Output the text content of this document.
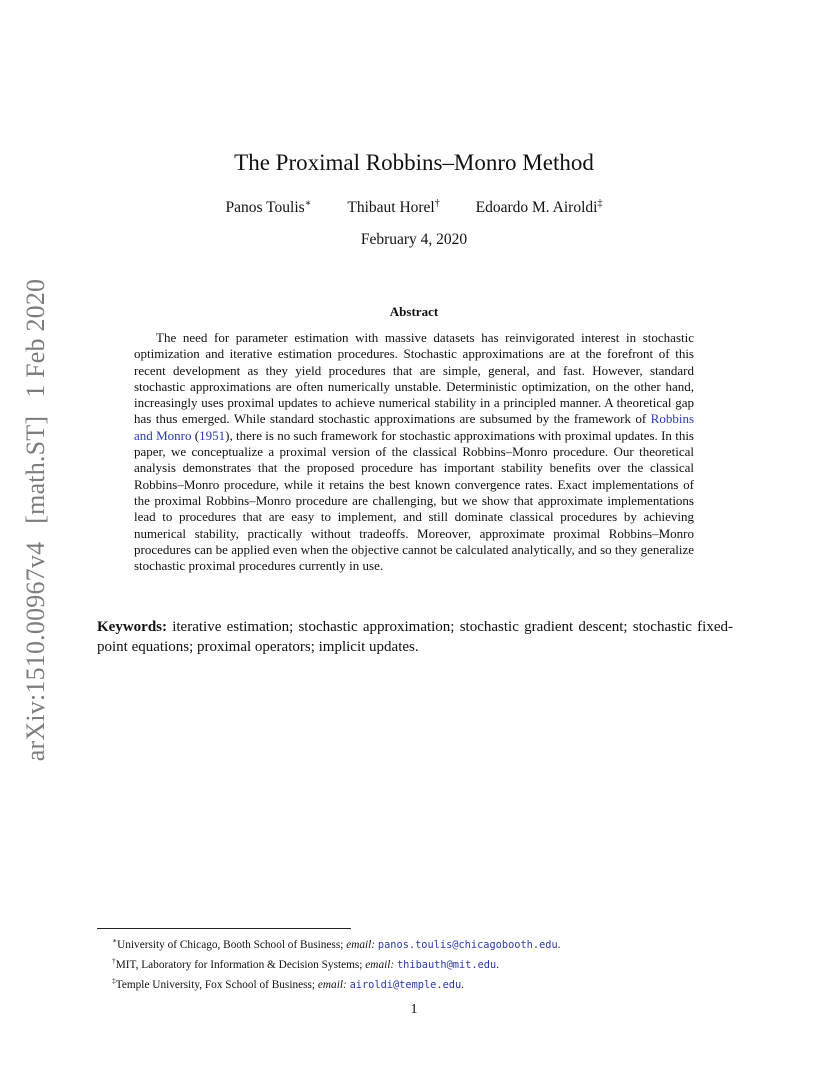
arXiv:1510.00967v4[math.ST]1 Feb 2020
The Proximal Robbins–Monro Method
Panos Toulis∗ Thibaut Horel† Edoardo M. Airoldi‡
February 4, 2020
Abstract

The need for parameter estimation with massive datasets has reinvigorated interest in stochastic optimization and iterative estimation procedures. Stochastic approximations are at the forefront of this recent development as they yield procedures that are simple, general, and fast. However, standard stochastic approximations are often numerically unstable. Deterministic optimization, on the other hand, increasingly uses proximal updates to achieve numerical stability in a principled manner. A theoretical gap has thus emerged. While standard stochastic approximations are subsumed by the framework of Robbins and Monro (1951), there is no such framework for stochastic approximations with proximal updates. In this paper, we conceptualize a proximal version of the classical Robbins–Monro procedure. Our theoretical analysis demonstrates that the proposed procedure has important stability benefits over the classical Robbins–Monro procedure, while it retains the best known convergence rates. Exact implementations of the proximal Robbins–Monro procedure are challenging, but we show that approximate implementations lead to procedures that are easy to implement, and still dominate classical procedures by achieving numerical stability, practically without tradeoffs. Moreover, approximate proximal Robbins–Monro procedures can be applied even when the objective cannot be calculated analytically, and so they generalize stochastic proximal procedures currently in use.

Keywords: iterative estimation; stochastic approximation; stochastic gradient descent; stochastic fixed-point equations; proximal operators; implicit updates.

∗University of Chicago, Booth School of Business; email: panos.toulis@chicagobooth.edu.
†MIT, Laboratory for Information & Decision Systems; email: thibauth@mit.edu.
‡Temple University, Fox School of Business; email: airoldi@temple.edu.
1
